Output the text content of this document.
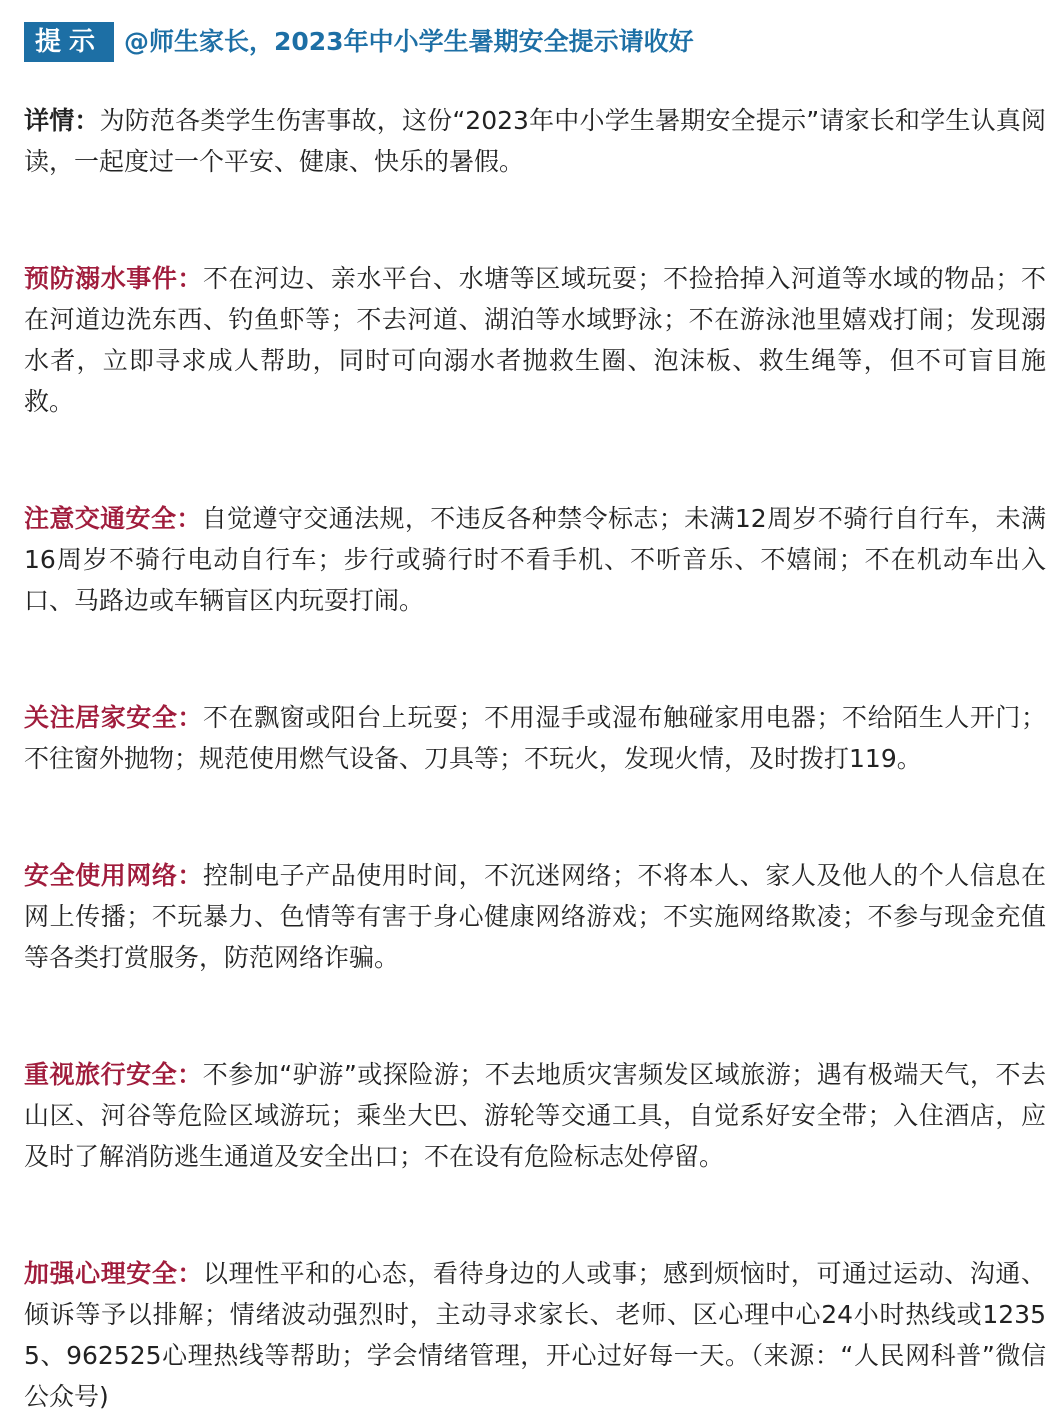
提示 @师生家长，2023年中小学生暑期安全提示请收好

详情：为防范各类学生伤害事故，这份“2023年中小学生暑期安全提示”请家长和学生认真阅读，一起度过一个平安、健康、快乐的暑假。

预防溺水事件：不在河边、亲水平台、水塘等区域玩耍；不捡拾掉入河道等水域的物品；不在河道边洗东西、钓鱼虾等；不去河道、湖泊等水域野泳；不在游泳池里嬉戏打闹；发现溺水者，立即寻求成人帮助，同时可向溺水者抛救生圈、泡沫板、救生绳等，但不可盲目施救。

注意交通安全：自觉遵守交通法规，不违反各种禁令标志；未满12周岁不骑行自行车，未满16周岁不骑行电动自行车；步行或骑行时不看手机、不听音乐、不嬉闹；不在机动车出入口、马路边或车辆盲区内玩耍打闹。

关注居家安全：不在飘窗或阳台上玩耍；不用湿手或湿布触碰家用电器；不给陌生人开门；不往窗外抛物；规范使用燃气设备、刀具等；不玩火，发现火情，及时拨打119。

安全使用网络：控制电子产品使用时间，不沉迷网络；不将本人、家人及他人的个人信息在网上传播；不玩暴力、色情等有害于身心健康网络游戏；不实施网络欺凌；不参与现金充值等各类打赏服务，防范网络诈骗。

重视旅行安全：不参加“驴游”或探险游；不去地质灾害频发区域旅游；遇有极端天气，不去山区、河谷等危险区域游玩；乘坐大巴、游轮等交通工具，自觉系好安全带；入住酒店，应及时了解消防逃生通道及安全出口；不在设有危险标志处停留。

加强心理安全：以理性平和的心态，看待身边的人或事；感到烦恼时，可通过运动、沟通、倾诉等予以排解；情绪波动强烈时，主动寻求家长、老师、区心理中心24小时热线或12355、962525心理热线等帮助；学会情绪管理，开心过好每一天。（来源：“人民网科普”微信公众号)
